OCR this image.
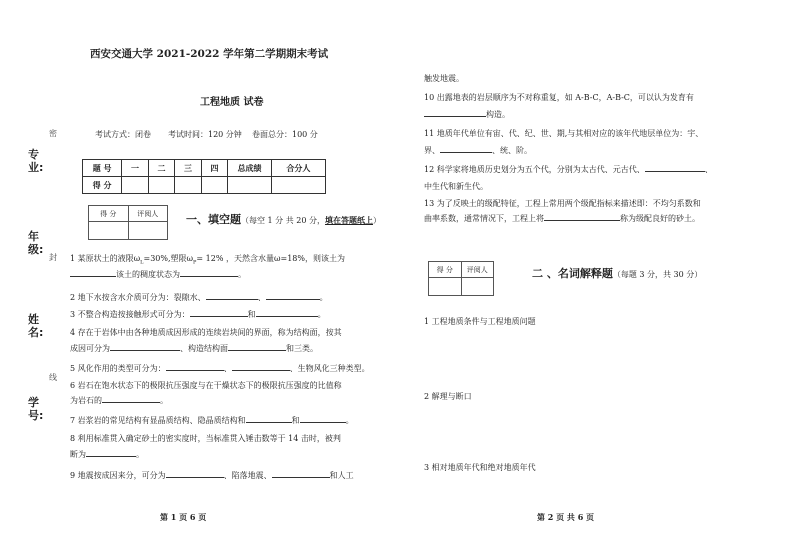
专业:
年级:
姓名:
学号:
密
封
线
西安交通大学 2021-2022 学年第二学期期末考试
工程地质 试卷
考试方式：闭卷 考试时间：120 分钟 卷面总分：100 分
题 号	一	二	三	四	总成绩	合分人
得 分						
得 分	评阅人
		一、填空题（每空 1 分 共 20 分，填在答题纸上）
1 某原状土的液限$\omega_L=30\%$,塑限$\omega_P= 12\%$ ，天然含水量ω=18%，则该土为
该土的稠度状态为	。
2 地下水按含水介质可分为：裂隙水、	、	。
3 不整合构造按接触形式可分为：	和	。
4 存在于岩体中由各种地质成因形成的连续岩块间的界面，称为结构面，按其
成因可分为	、构造结构面	和三类。
5 风化作用的类型可分为：	、	、生物风化三种类型。
6 岩石在饱水状态下的极限抗压强度与在干燥状态下的极限抗压强度的比值称
为岩石的	。
7 岩浆岩的常见结构有显晶质结构、隐晶质结构和	和	。
8 利用标准贯入确定砂土的密实度时，当标准贯入锤击数等于 14 击时，被判
断为	。
9 地震按成因来分，可分为	、陷落地震、	和人工
第 1 页 6 页
触发地震。
10 出露地表的岩层顺序为不对称重复，如 A-B-C，A-B-C，可以认为发育有
构造。
11 地质年代单位有宙、代、纪、世、期,与其相对应的该年代地层单位为：宇、
界、	、统、阶。
12 科学家将地质历史划分为五个代，分别为太古代、元古代、	、
中生代和新生代。
13 为了反映土的级配特征，工程上常用两个级配指标来描述即：不均匀系数和
曲率系数，通常情况下，工程上将	称为级配良好的砂土。
得 分	评阅人
		二 、名词解释题（每题 3 分，共 30 分）
1 工程地质条件与工程地质问题
2 解理与断口
3 相对地质年代和绝对地质年代
第 2 页 共 6 页
